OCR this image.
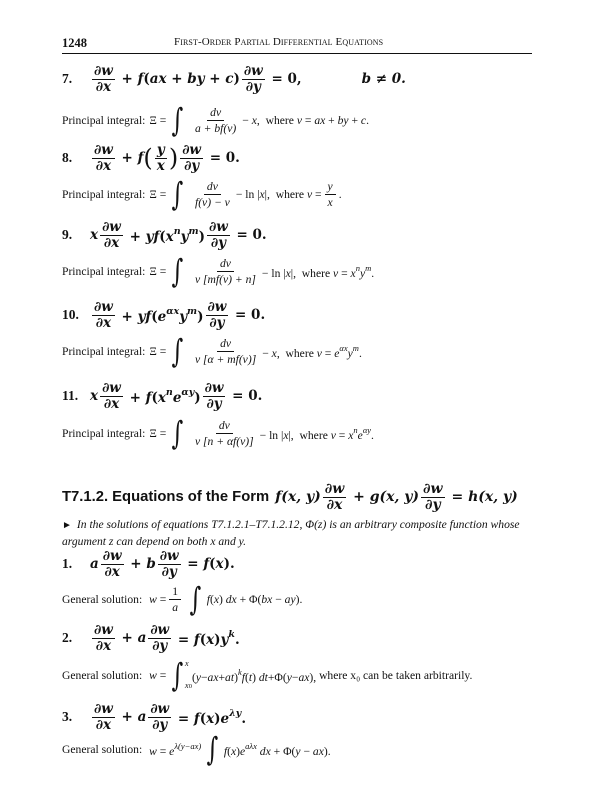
1248	First-Order Partial Differential Equations
7.	$\frac{\partial w}{\partial x} + f(ax$ + by + $c) \frac{\partial w}{\partial y} = 0$,	b ≠ 0.
Principal integral: Ξ = ∫ dv
a + bf(v)
− x,  where v = ax + by + c.
8.	$\frac{\partial w}{\partial x} + f$ ( $\frac{y}{x}$ ) $\frac{\partial w}{\partial y} = 0$.
Principal integral: Ξ = ∫ dv
f(v) − v
− ln |x|,  where $v = \frac{y}{x}$ .
9.	x $\frac{\partial w}{\partial x} + yf(x^ny^m) \frac{\partial w}{\partial y} = 0$.
Principal integral: Ξ = ∫	dv
v [mf(v) + n] − ln |x|,  where $v = x^ny^m$.
10. $\frac{\partial w}{\partial x} + yf(e^{\alpha x}y^m) \frac{\partial w}{\partial y} = 0$.
Principal integral: Ξ = ∫	dv
v [α + mf(v)] − x,  where $v = e^{\alpha x}y^m$.
11. x $\frac{\partial w}{\partial x} + f(x^ne^{\alpha y}) \frac{\partial w}{\partial y} = 0$.
Principal integral: Ξ = ∫	dv
v [n + αf(v)] − ln |x|,  where $v = x^ne^{\alpha y}$.
T7.1.2. Equations of the Form f(x, $y) \frac{\partial w}{\partial x} + g(x$, $y) \frac{\partial w}{\partial y} = h(x$, y)
► In the solutions of equations T7.1.2.1–T7.1.2.12, Φ(z) is an arbitrary composite function whose argument z can depend on both x and y.
1.	a $\frac{\partial w}{\partial x} + b \frac{\partial w}{\partial y} = f(x)$.
General solution: $w = \frac{1}{a}$ ∫ f(x) dx + Φ(bx − ay).
2.	$\frac{\partial w}{\partial x} + a \frac{\partial w}{\partial y} = f(x)y^k$.
General solution: w = ∫ x
x0
$(y-ax+at)^kf(t)$ dt+Φ(y−ax), where x₀ can be taken arbitrarily.
3.	$\frac{\partial w}{\partial x} + a \frac{\partial w}{\partial y} = f(x)e^{\lambda y}$.
General solution: $w = e^{\lambda(y-ax)}$ ∫ $f(x)e^{a\lambda x}$ dx + Φ(y − ax).
